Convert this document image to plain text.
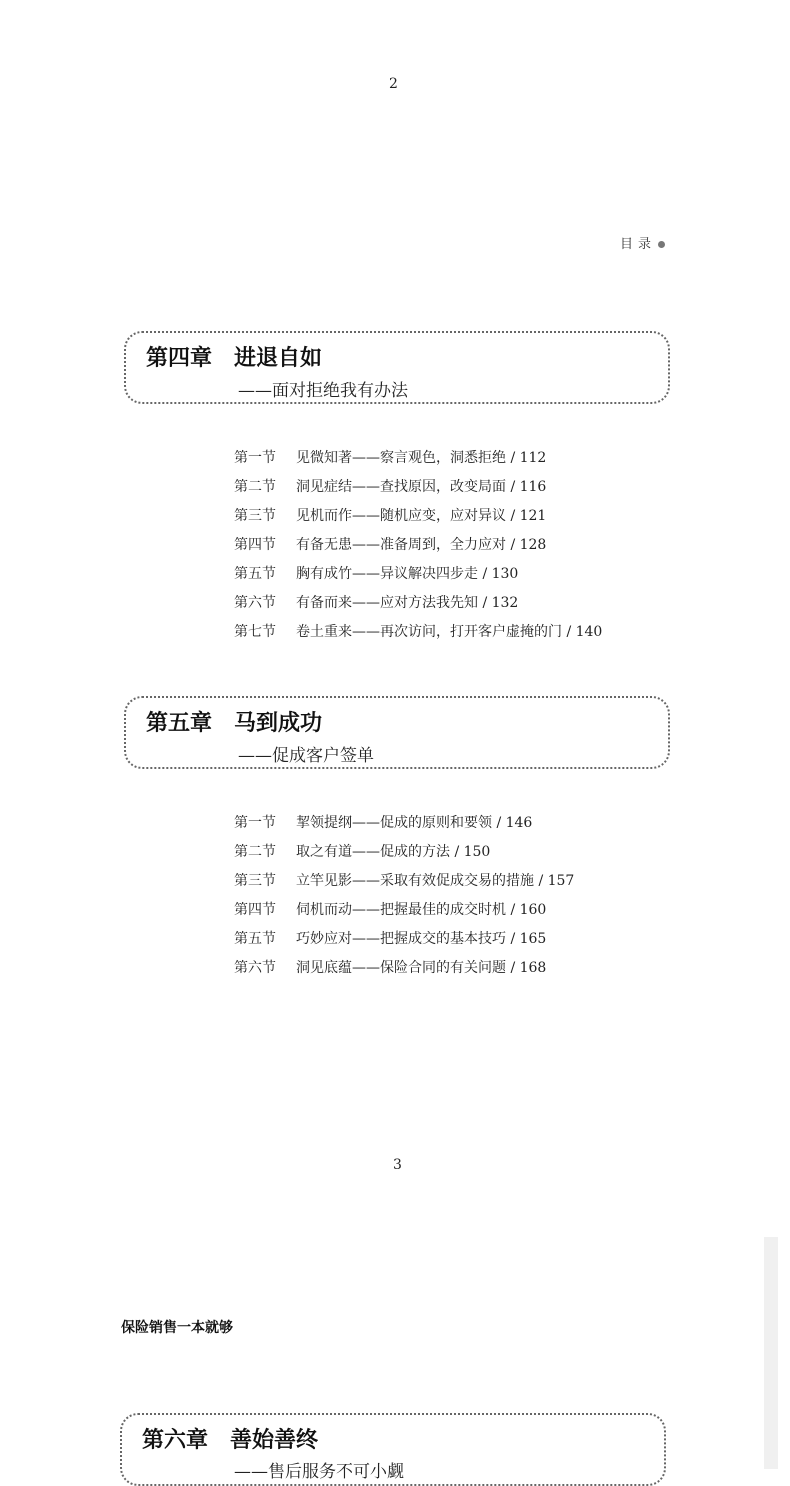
2
目录
第四章 进退自如
——面对拒绝我有办法
第一节 见微知著——察言观色，洞悉拒绝 / 112
第二节 洞见症结——查找原因，改变局面 / 116
第三节 见机而作——随机应变，应对异议 / 121
第四节 有备无患——准备周到，全力应对 / 128
第五节 胸有成竹——异议解决四步走 / 130
第六节 有备而来——应对方法我先知 / 132
第七节 卷土重来——再次访问，打开客户虚掩的门 / 140
第五章 马到成功
——促成客户签单
第一节 挈领提纲——促成的原则和要领 / 146
第二节 取之有道——促成的方法 / 150
第三节 立竿见影——采取有效促成交易的措施 / 157
第四节 伺机而动——把握最佳的成交时机 / 160
第五节 巧妙应对——把握成交的基本技巧 / 165
第六节 洞见底蕴——保险合同的有关问题 / 168
3
保险销售一本就够
第六章 善始善终
——售后服务不可小觑
